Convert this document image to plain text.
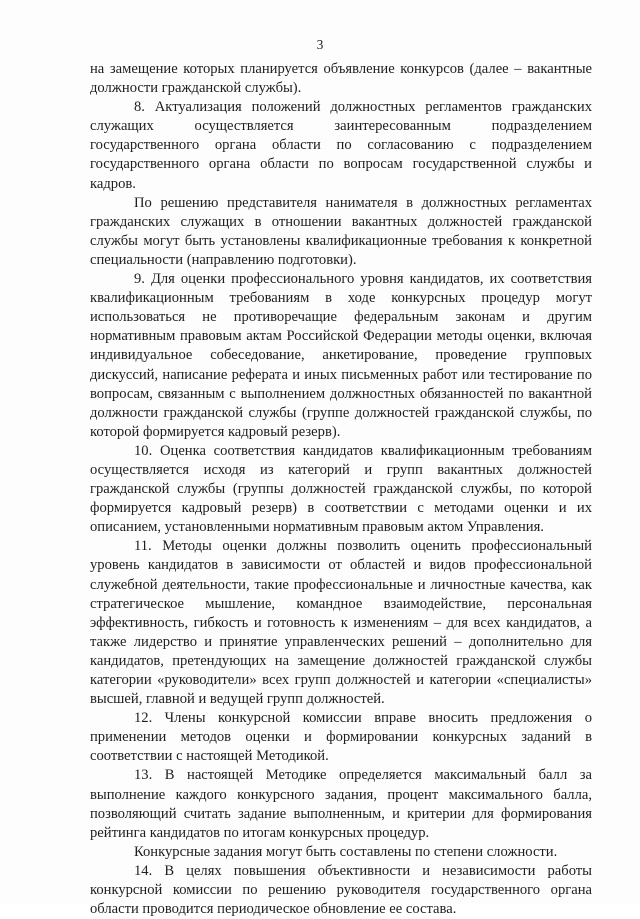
3

на замещение которых планируется объявление конкурсов (далее – вакантные должности гражданской службы).

8. Актуализация положений должностных регламентов гражданских служащих осуществляется заинтересованным подразделением государственного органа области по согласованию с подразделением государственного органа области по вопросам государственной службы и кадров.

По решению представителя нанимателя в должностных регламентах гражданских служащих в отношении вакантных должностей гражданской службы могут быть установлены квалификационные требования к конкретной специальности (направлению подготовки).

9. Для оценки профессионального уровня кандидатов, их соответствия квалификационным требованиям в ходе конкурсных процедур могут использоваться не противоречащие федеральным законам и другим нормативным правовым актам Российской Федерации методы оценки, включая индивидуальное собеседование, анкетирование, проведение групповых дискуссий, написание реферата и иных письменных работ или тестирование по вопросам, связанным с выполнением должностных обязанностей по вакантной должности гражданской службы (группе должностей гражданской службы, по которой формируется кадровый резерв).

10. Оценка соответствия кандидатов квалификационным требованиям осуществляется исходя из категорий и групп вакантных должностей гражданской службы (группы должностей гражданской службы, по которой формируется кадровый резерв) в соответствии с методами оценки и их описанием, установленными нормативным правовым актом Управления.

11. Методы оценки должны позволить оценить профессиональный уровень кандидатов в зависимости от областей и видов профессиональной служебной деятельности, такие профессиональные и личностные качества, как стратегическое мышление, командное взаимодействие, персональная эффективность, гибкость и готовность к изменениям – для всех кандидатов, а также лидерство и принятие управленческих решений – дополнительно для кандидатов, претендующих на замещение должностей гражданской службы категории «руководители» всех групп должностей и категории «специалисты» высшей, главной и ведущей групп должностей.

12. Члены конкурсной комиссии вправе вносить предложения о применении методов оценки и формировании конкурсных заданий в соответствии с настоящей Методикой.

13. В настоящей Методике определяется максимальный балл за выполнение каждого конкурсного задания, процент максимального балла, позволяющий считать задание выполненным, и критерии для формирования рейтинга кандидатов по итогам конкурсных процедур.

Конкурсные задания могут быть составлены по степени сложности.

14. В целях повышения объективности и независимости работы конкурсной комиссии по решению руководителя государственного органа области проводится периодическое обновление ее состава.
